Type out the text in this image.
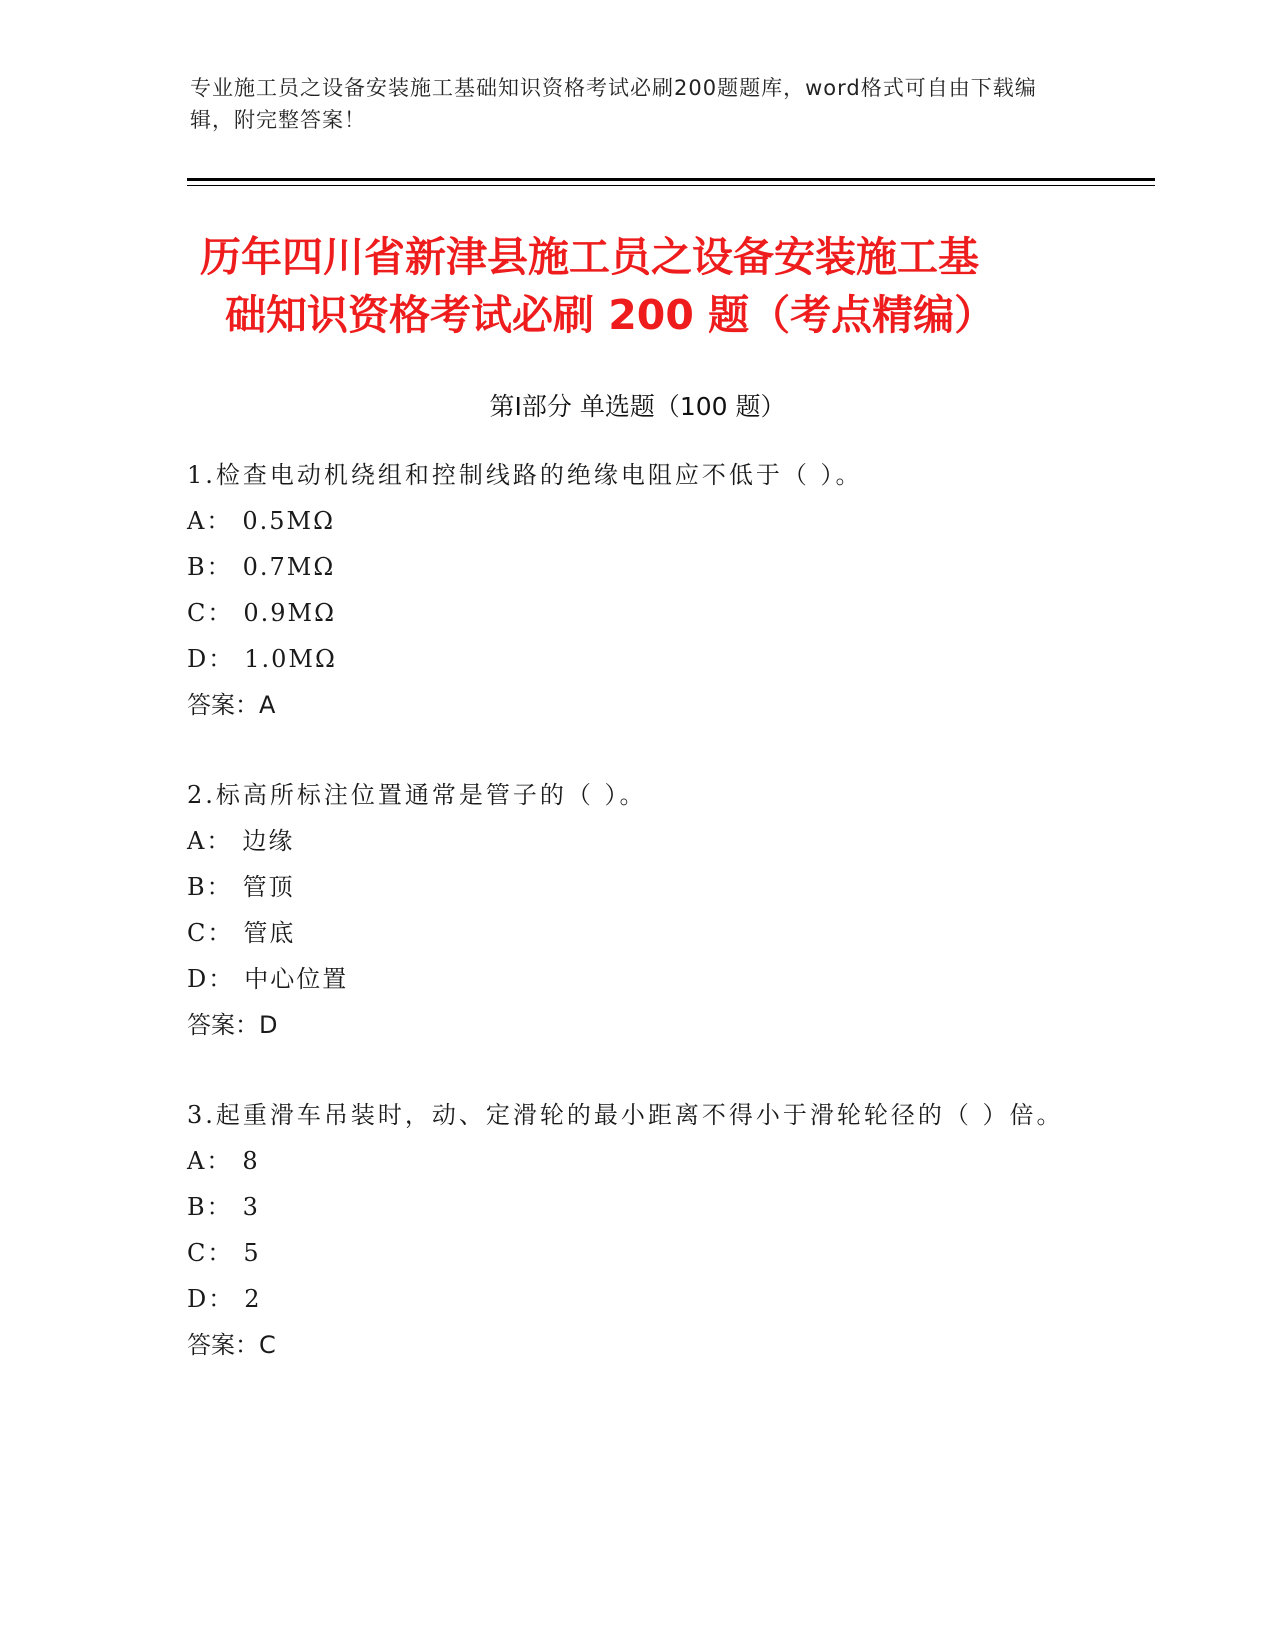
专业施工员之设备安装施工基础知识资格考试必刷200题题库，word格式可自由下载编辑，附完整答案！
历年四川省新津县施工员之设备安装施工基
础知识资格考试必刷 200 题（考点精编）
第Ⅰ部分 单选题（100 题）
1.检查电动机绕组和控制线路的绝缘电阻应不低于（ ）。
A： 0.5MΩ
B： 0.7MΩ
C： 0.9MΩ
D： 1.0MΩ
答案：A
2.标高所标注位置通常是管子的（ ）。
A： 边缘
B： 管顶
C： 管底
D： 中心位置
答案：D
3.起重滑车吊装时，动、定滑轮的最小距离不得小于滑轮轮径的（ ）倍。
A： 8
B： 3
C： 5
D： 2
答案：C
